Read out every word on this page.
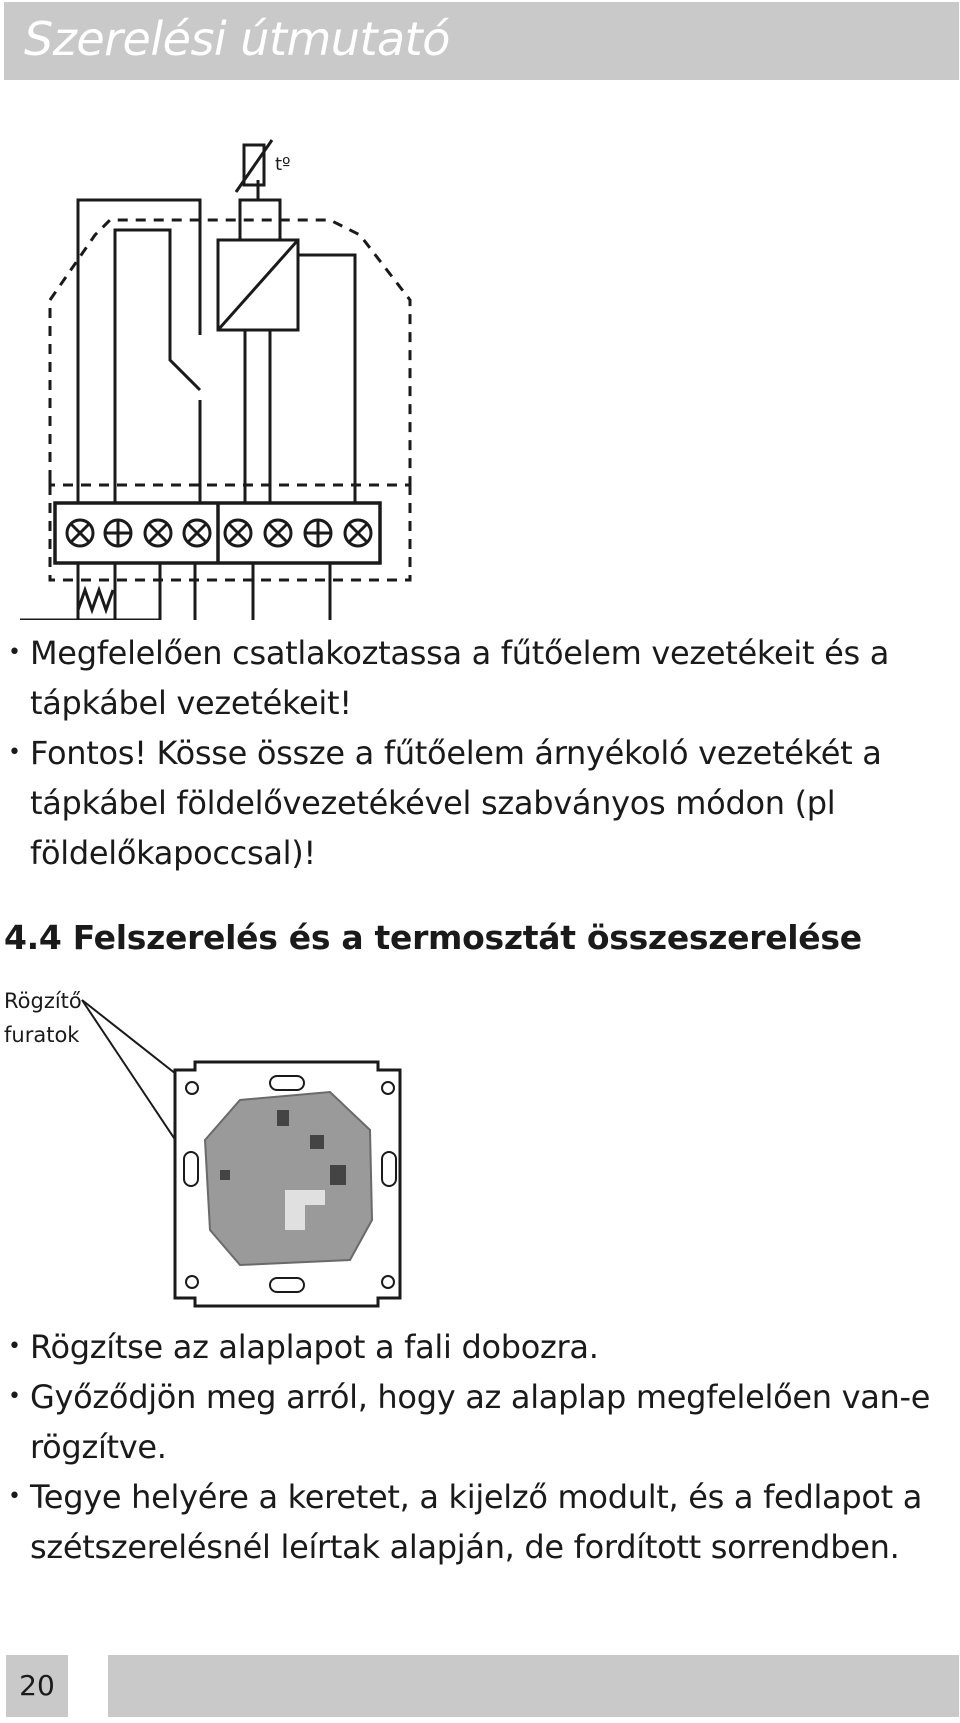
Szerelési útmutató
tº
• Megfelelően csatlakoztassa a fűtőelem vezetékeit és a tápkábel vezetékeit!
• Fontos! Kösse össze a fűtőelem árnyékoló vezetékét a tápkábel földelővezetékével szabványos módon (pl földelőkapoccsal)!
4.4 Felszerelés és a termosztát összeszerelése
Rögzítő
furatok
• Rögzítse az alaplapot a fali dobozra.
• Győződjön meg arról, hogy az alaplap megfelelően van-e rögzítve.
• Tegye helyére a keretet, a kijelző modult, és a fedlapot a szétszerelésnél leírtak alapján, de fordított sorrendben.
20
